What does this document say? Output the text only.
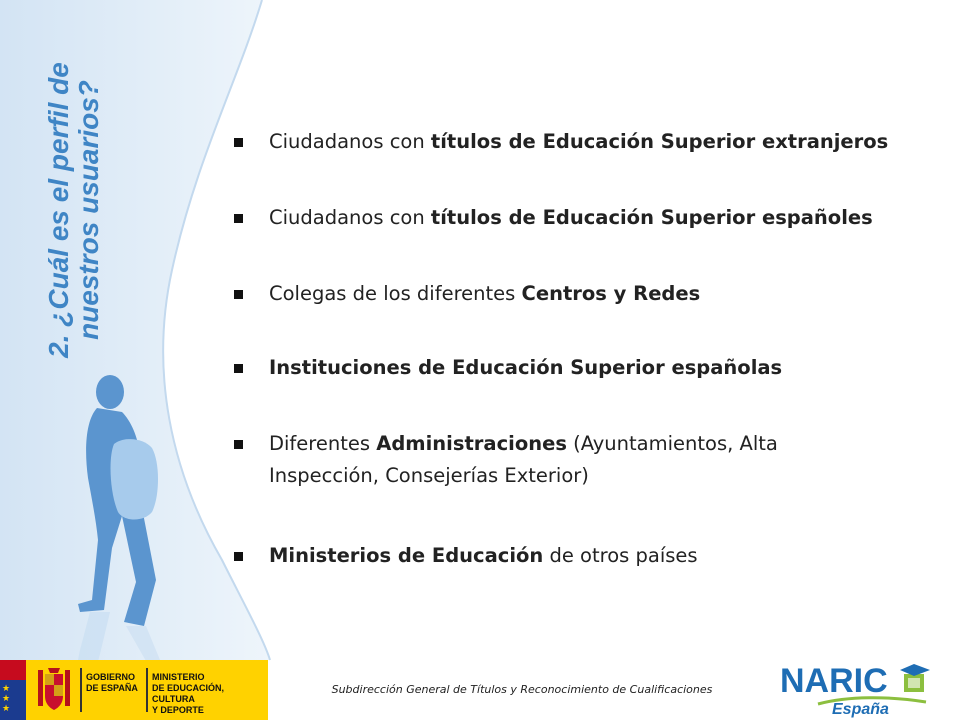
2. ¿Cuál es el perfil de nuestros usuarios?	Ciudadanos con títulos de Educación Superior extranjeros
Ciudadanos con títulos de Educación Superior españoles
Colegas de los diferentes Centros y Redes
Instituciones de Educación Superior españolas
Diferentes Administraciones (Ayuntamientos, Alta Inspección, Consejerías Exterior)
Ministerios de Educación de otros países
★
★
★
GOBIERNO
DE ESPAÑA
MINISTERIO
DE EDUCACIÓN, CULTURA
Y DEPORTE
Subdirección General de Títulos y Reconocimiento de Cualificaciones	NARIC
España
